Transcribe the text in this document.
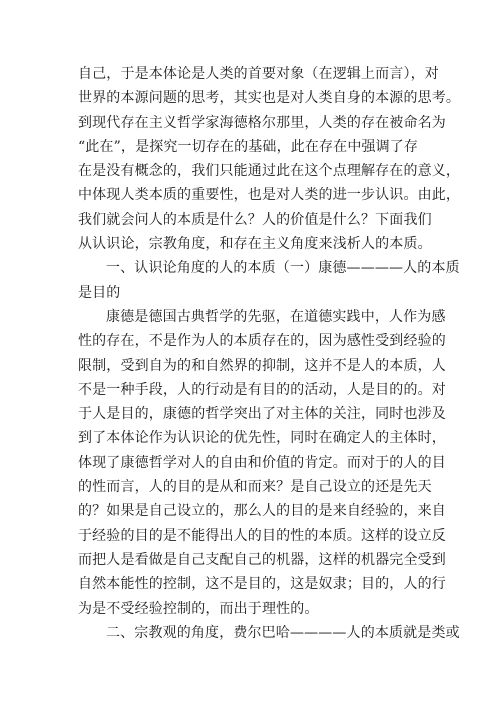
自己，于是本体论是人类的首要对象（在逻辑上而言），对
世界的本源问题的思考，其实也是对人类自身的本源的思考。
到现代存在主义哲学家海德格尔那里，人类的存在被命名为
“此在”，是探究一切存在的基础，此在存在中强调了存
在是没有概念的，我们只能通过此在这个点理解存在的意义，
中体现人类本质的重要性，也是对人类的进一步认识。由此，
我们就会问人的本质是什么？人的价值是什么？下面我们
从认识论，宗教角度，和存在主义角度来浅析人的本质。
一、认识论角度的人的本质（一）康德————人的本质
是目的
康德是德国古典哲学的先驱，在道德实践中，人作为感
性的存在，不是作为人的本质存在的，因为感性受到经验的
限制，受到自为的和自然界的抑制，这并不是人的本质，人
不是一种手段，人的行动是有目的的活动，人是目的的。对
于人是目的，康德的哲学突出了对主体的关注，同时也涉及
到了本体论作为认识论的优先性，同时在确定人的主体时，
体现了康德哲学对人的自由和价值的肯定。而对于的人的目
的性而言，人的目的是从和而来？是自己设立的还是先天
的？如果是自己设立的，那么人的目的是来自经验的，来自
于经验的目的是不能得出人的目的性的本质。这样的设立反
而把人是看做是自己支配自己的机器，这样的机器完全受到
自然本能性的控制，这不是目的，这是奴隶；目的，人的行
为是不受经验控制的，而出于理性的。
二、宗教观的角度，费尔巴哈————人的本质就是类或
